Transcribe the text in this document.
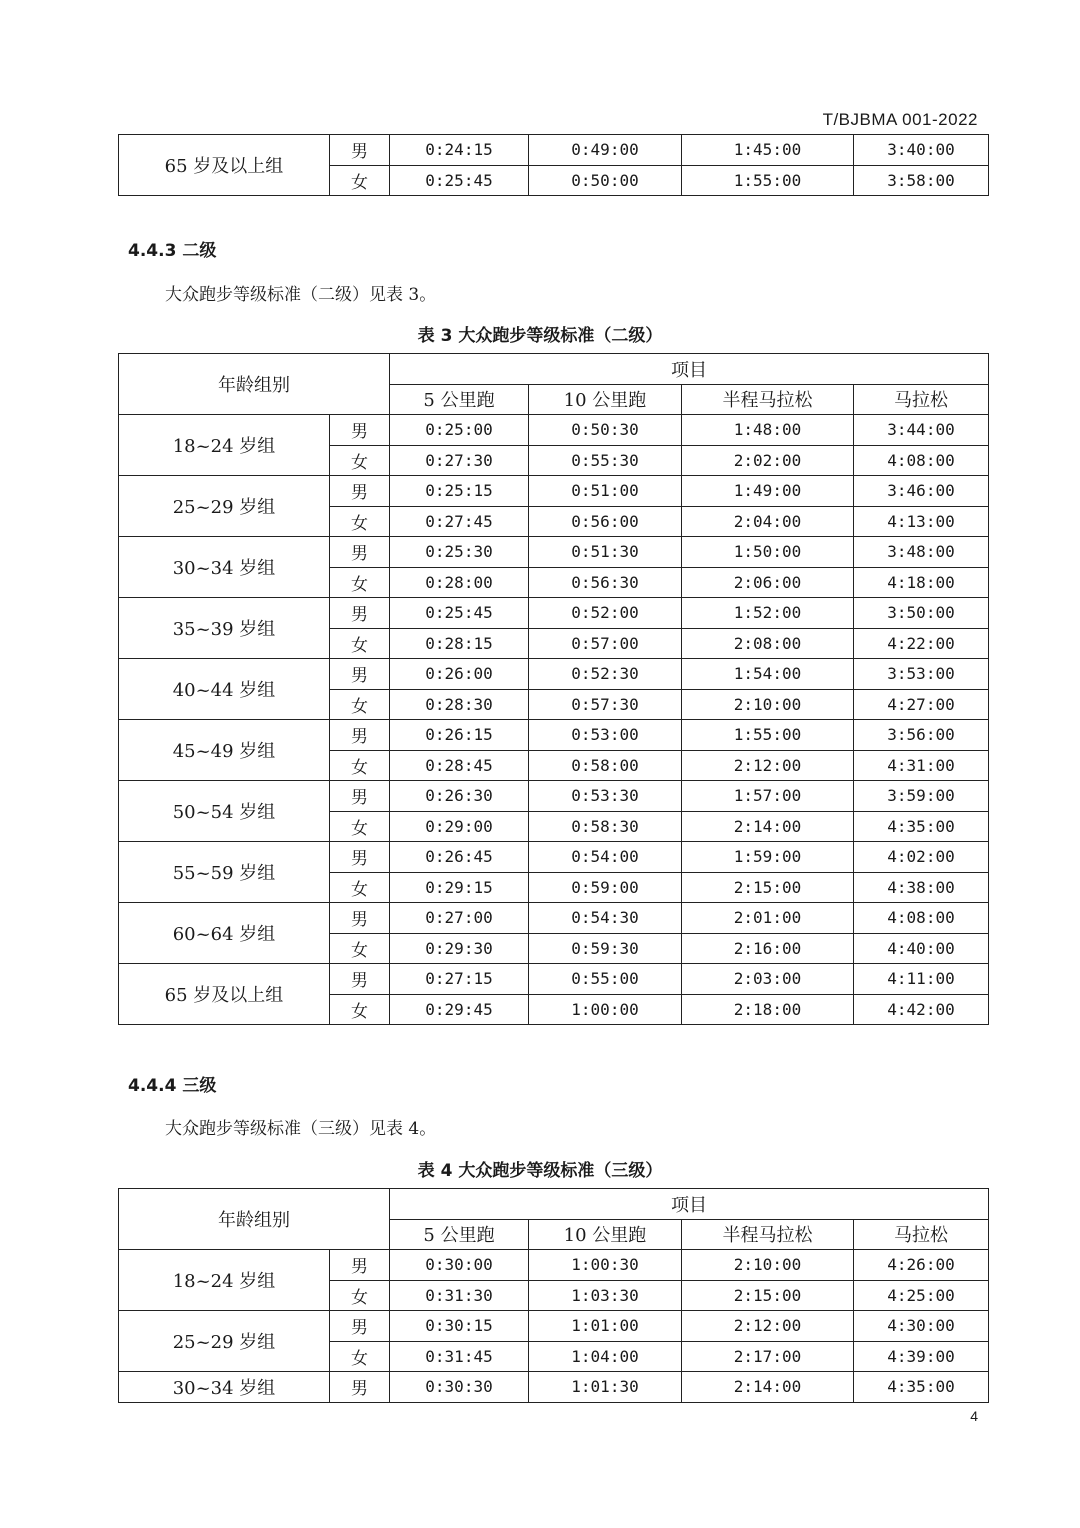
T/BJBMA 001-2022
65 岁及以上组	男	0:24:15	0:49:00	1:45:00	3:40:00
	女	0:25:45	0:50:00	1:55:00	3:58:00
4.4.3 二级
大众跑步等级标准（二级）见表 3。
表 3 大众跑步等级标准（二级）
年龄组别		项目			
		5 公里跑	10 公里跑	半程马拉松	马拉松
18~24 岁组	男	0:25:00	0:50:30	1:48:00	3:44:00
	女	0:27:30	0:55:30	2:02:00	4:08:00
25~29 岁组	男	0:25:15	0:51:00	1:49:00	3:46:00
	女	0:27:45	0:56:00	2:04:00	4:13:00
30~34 岁组	男	0:25:30	0:51:30	1:50:00	3:48:00
	女	0:28:00	0:56:30	2:06:00	4:18:00
35~39 岁组	男	0:25:45	0:52:00	1:52:00	3:50:00
	女	0:28:15	0:57:00	2:08:00	4:22:00
40~44 岁组	男	0:26:00	0:52:30	1:54:00	3:53:00
	女	0:28:30	0:57:30	2:10:00	4:27:00
45~49 岁组	男	0:26:15	0:53:00	1:55:00	3:56:00
	女	0:28:45	0:58:00	2:12:00	4:31:00
50~54 岁组	男	0:26:30	0:53:30	1:57:00	3:59:00
	女	0:29:00	0:58:30	2:14:00	4:35:00
55~59 岁组	男	0:26:45	0:54:00	1:59:00	4:02:00
	女	0:29:15	0:59:00	2:15:00	4:38:00
60~64 岁组	男	0:27:00	0:54:30	2:01:00	4:08:00
	女	0:29:30	0:59:30	2:16:00	4:40:00
65 岁及以上组	男	0:27:15	0:55:00	2:03:00	4:11:00
	女	0:29:45	1:00:00	2:18:00	4:42:00
4.4.4 三级
大众跑步等级标准（三级）见表 4。
表 4 大众跑步等级标准（三级）
年龄组别		项目			
		5 公里跑	10 公里跑	半程马拉松	马拉松
18~24 岁组	男	0:30:00	1:00:30	2:10:00	4:26:00
	女	0:31:30	1:03:30	2:15:00	4:25:00
25~29 岁组	男	0:30:15	1:01:00	2:12:00	4:30:00
	女	0:31:45	1:04:00	2:17:00	4:39:00
30~34 岁组	男	0:30:30	1:01:30	2:14:00	4:35:00
4
